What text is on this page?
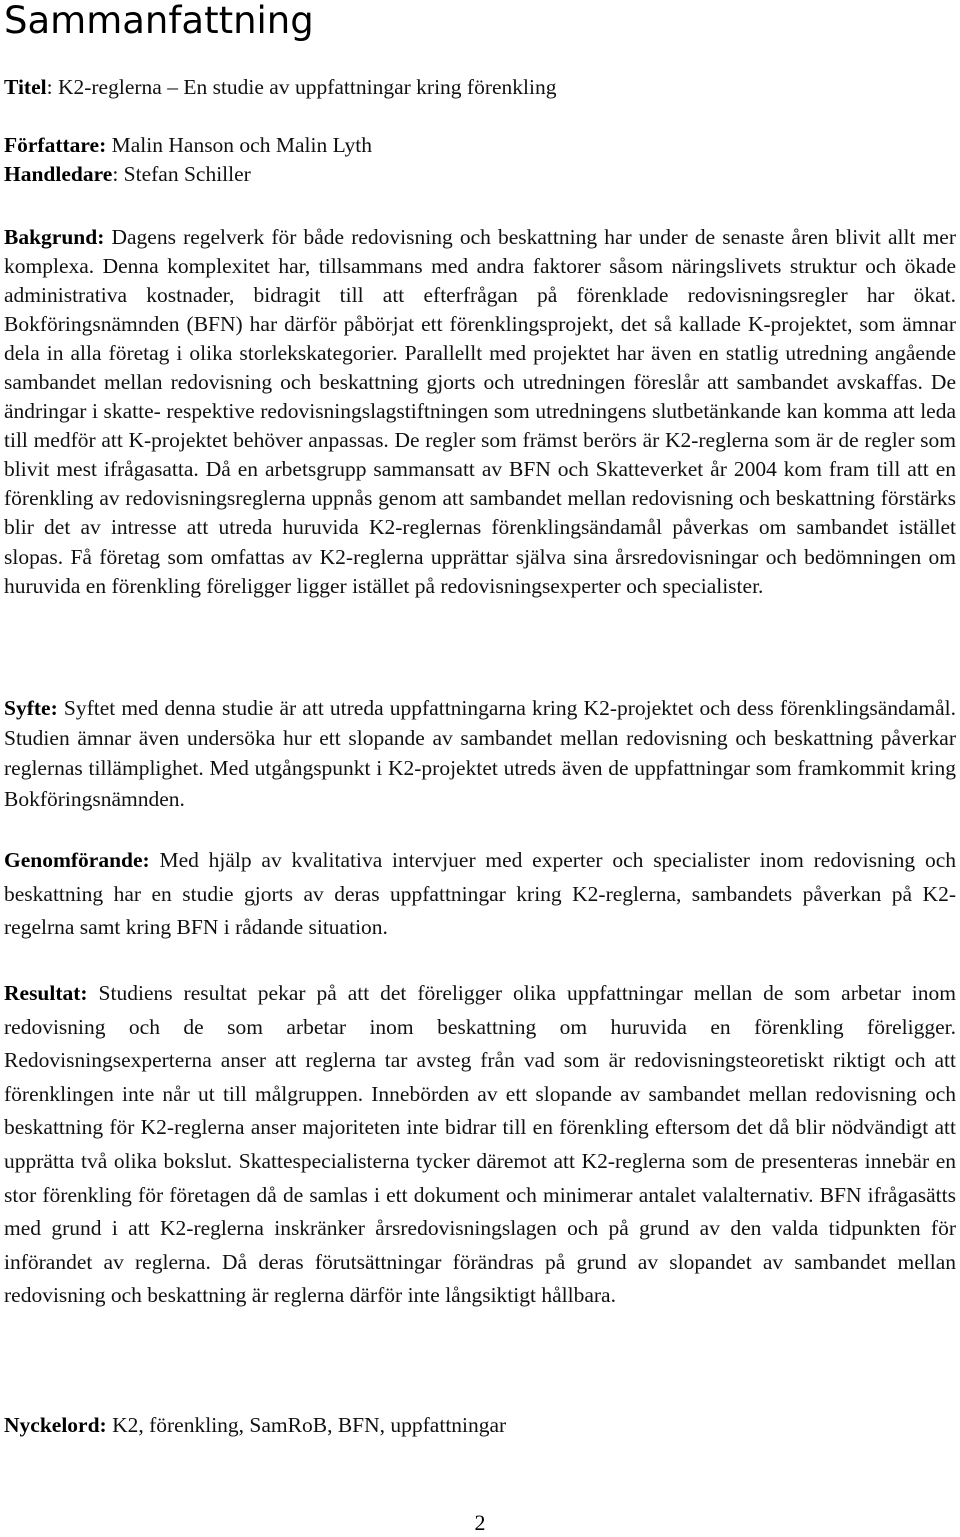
Sammanfattning

Titel: K2-reglerna – En studie av uppfattningar kring förenkling

Författare: Malin Hanson och Malin Lyth

Handledare: Stefan Schiller

Bakgrund: Dagens regelverk för både redovisning och beskattning har under de senaste åren blivit allt mer komplexa. Denna komplexitet har, tillsammans med andra faktorer såsom näringslivets struktur och ökade administrativa kostnader, bidragit till att efterfrågan på förenklade redovisningsregler har ökat. Bokföringsnämnden (BFN) har därför påbörjat ett förenklingsprojekt, det så kallade K-projektet, som ämnar dela in alla företag i olika storlekskategorier. Parallellt med projektet har även en statlig utredning angående sambandet mellan redovisning och beskattning gjorts och utredningen föreslår att sambandet avskaffas. De ändringar i skatte- respektive redovisningslagstiftningen som utredningens slutbetänkande kan komma att leda till medför att K-projektet behöver anpassas. De regler som främst berörs är K2-reglerna som är de regler som blivit mest ifrågasatta. Då en arbetsgrupp sammansatt av BFN och Skatteverket år 2004 kom fram till att en förenkling av redovisningsreglerna uppnås genom att sambandet mellan redovisning och beskattning förstärks blir det av intresse att utreda huruvida K2-reglernas förenklingsändamål påverkas om sambandet istället slopas. Få företag som omfattas av K2-reglerna upprättar själva sina årsredovisningar och bedömningen om huruvida en förenkling föreligger ligger istället på redovisningsexperter och specialister.

Syfte: Syftet med denna studie är att utreda uppfattningarna kring K2-projektet och dess förenklingsändamål. Studien ämnar även undersöka hur ett slopande av sambandet mellan redovisning och beskattning påverkar reglernas tillämplighet. Med utgångspunkt i K2-projektet utreds även de uppfattningar som framkommit kring Bokföringsnämnden.

Genomförande: Med hjälp av kvalitativa intervjuer med experter och specialister inom redovisning och beskattning har en studie gjorts av deras uppfattningar kring K2-reglerna, sambandets påverkan på K2-regelrna samt kring BFN i rådande situation.

Resultat: Studiens resultat pekar på att det föreligger olika uppfattningar mellan de som arbetar inom redovisning och de som arbetar inom beskattning om huruvida en förenkling föreligger. Redovisningsexperterna anser att reglerna tar avsteg från vad som är redovisningsteoretiskt riktigt och att förenklingen inte når ut till målgruppen. Innebörden av ett slopande av sambandet mellan redovisning och beskattning för K2-reglerna anser majoriteten inte bidrar till en förenkling eftersom det då blir nödvändigt att upprätta två olika bokslut. Skattespecialisterna tycker däremot att K2-reglerna som de presenteras innebär en stor förenkling för företagen då de samlas i ett dokument och minimerar antalet valalternativ. BFN ifrågasätts med grund i att K2-reglerna inskränker årsredovisningslagen och på grund av den valda tidpunkten för införandet av reglerna. Då deras förutsättningar förändras på grund av slopandet av sambandet mellan redovisning och beskattning är reglerna därför inte långsiktigt hållbara.

Nyckelord: K2, förenkling, SamRoB, BFN, uppfattningar

2
